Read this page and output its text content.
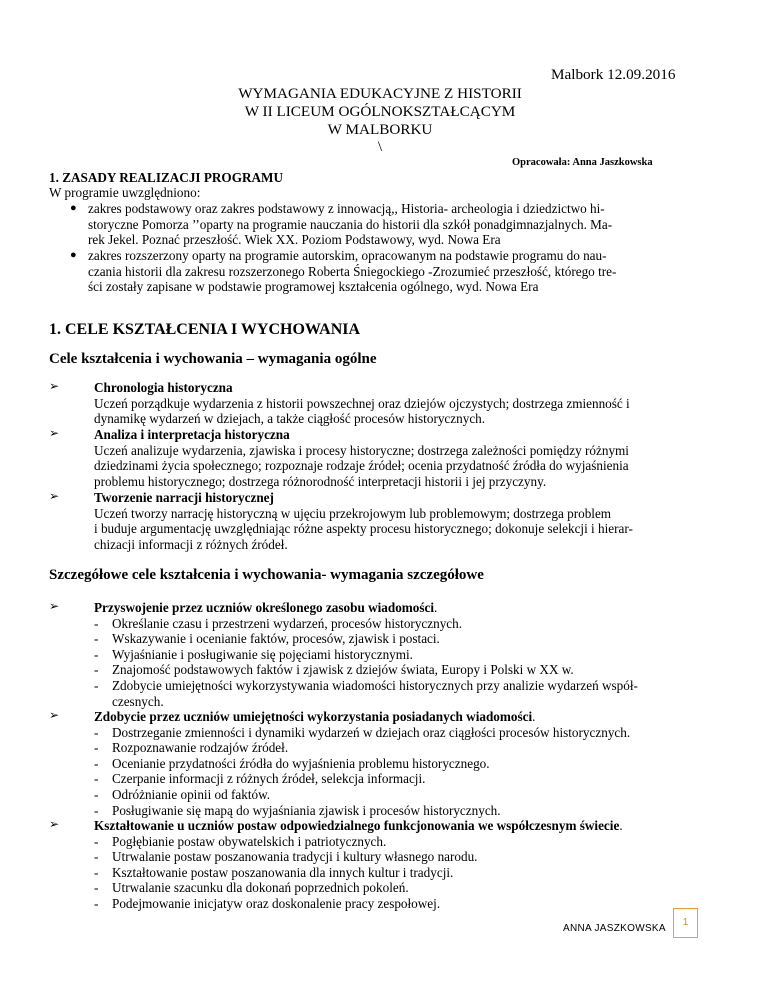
Malbork 12.09.2016
WYMAGANIA EDUKACYJNE Z HISTORII
W II LICEUM OGÓLNOKSZTAŁCĄCYM
W MALBORKU
\
Opracowała: Anna Jaszkowska
1. ZASADY REALIZACJI PROGRAMU
W programie uwzględniono:
● zakres podstawowy oraz zakres podstawowy z innowacją,, Historia- archeologia i dziedzictwo hi-
storyczne Pomorza ’’oparty na programie nauczania do historii dla szkół ponadgimnazjalnych. Ma-
rek Jekel. Poznać przeszłość. Wiek XX. Poziom Podstawowy, wyd. Nowa Era
● zakres rozszerzony oparty na programie autorskim, opracowanym na podstawie programu do nau-
czania historii dla zakresu rozszerzonego Roberta Śniegockiego -Zrozumieć przeszłość, którego tre-
ści zostały zapisane w podstawie programowej kształcenia ogólnego, wyd. Nowa Era
1. CELE KSZTAŁCENIA I WYCHOWANIA
Cele kształcenia i wychowania – wymagania ogólne
➢	Chronologia historyczna
Uczeń porządkuje wydarzenia z historii powszechnej oraz dziejów ojczystych; dostrzega zmienność i
dynamikę wydarzeń w dziejach, a także ciągłość procesów historycznych.
➢	Analiza i interpretacja historyczna
Uczeń analizuje wydarzenia, zjawiska i procesy historyczne; dostrzega zależności pomiędzy różnymi
dziedzinami życia społecznego; rozpoznaje rodzaje źródeł; ocenia przydatność źródła do wyjaśnienia
problemu historycznego; dostrzega różnorodność interpretacji historii i jej przyczyny.
➢	Tworzenie narracji historycznej
Uczeń tworzy narrację historyczną w ujęciu przekrojowym lub problemowym; dostrzega problem
i buduje argumentację uwzględniając różne aspekty procesu historycznego; dokonuje selekcji i hierar-
chizacji informacji z różnych źródeł.
Szczegółowe cele kształcenia i wychowania- wymagania szczegółowe
➢	Przyswojenie przez uczniów określonego zasobu wiadomości.
- Określanie czasu i przestrzeni wydarzeń, procesów historycznych.
- Wskazywanie i ocenianie faktów, procesów, zjawisk i postaci.
- Wyjaśnianie i posługiwanie się pojęciami historycznymi.
- Znajomość podstawowych faktów i zjawisk z dziejów świata, Europy i Polski w XX w.
- Zdobycie umiejętności wykorzystywania wiadomości historycznych przy analizie wydarzeń współ-
czesnych.
➢	Zdobycie przez uczniów umiejętności wykorzystania posiadanych wiadomości.
- Dostrzeganie zmienności i dynamiki wydarzeń w dziejach oraz ciągłości procesów historycznych.
- Rozpoznawanie rodzajów źródeł.
- Ocenianie przydatności źródła do wyjaśnienia problemu historycznego.
- Czerpanie informacji z różnych źródeł, selekcja informacji.
- Odróżnianie opinii od faktów.
- Posługiwanie się mapą do wyjaśniania zjawisk i procesów historycznych.
➢	Kształtowanie u uczniów postaw odpowiedzialnego funkcjonowania we współczesnym świecie.
- Pogłębianie postaw obywatelskich i patriotycznych.
- Utrwalanie postaw poszanowania tradycji i kultury własnego narodu.
- Kształtowanie postaw poszanowania dla innych kultur i tradycji.
- Utrwalanie szacunku dla dokonań poprzednich pokoleń.
- Podejmowanie inicjatyw oraz doskonalenie pracy zespołowej.
ANNA JASZKOWSKA
1
